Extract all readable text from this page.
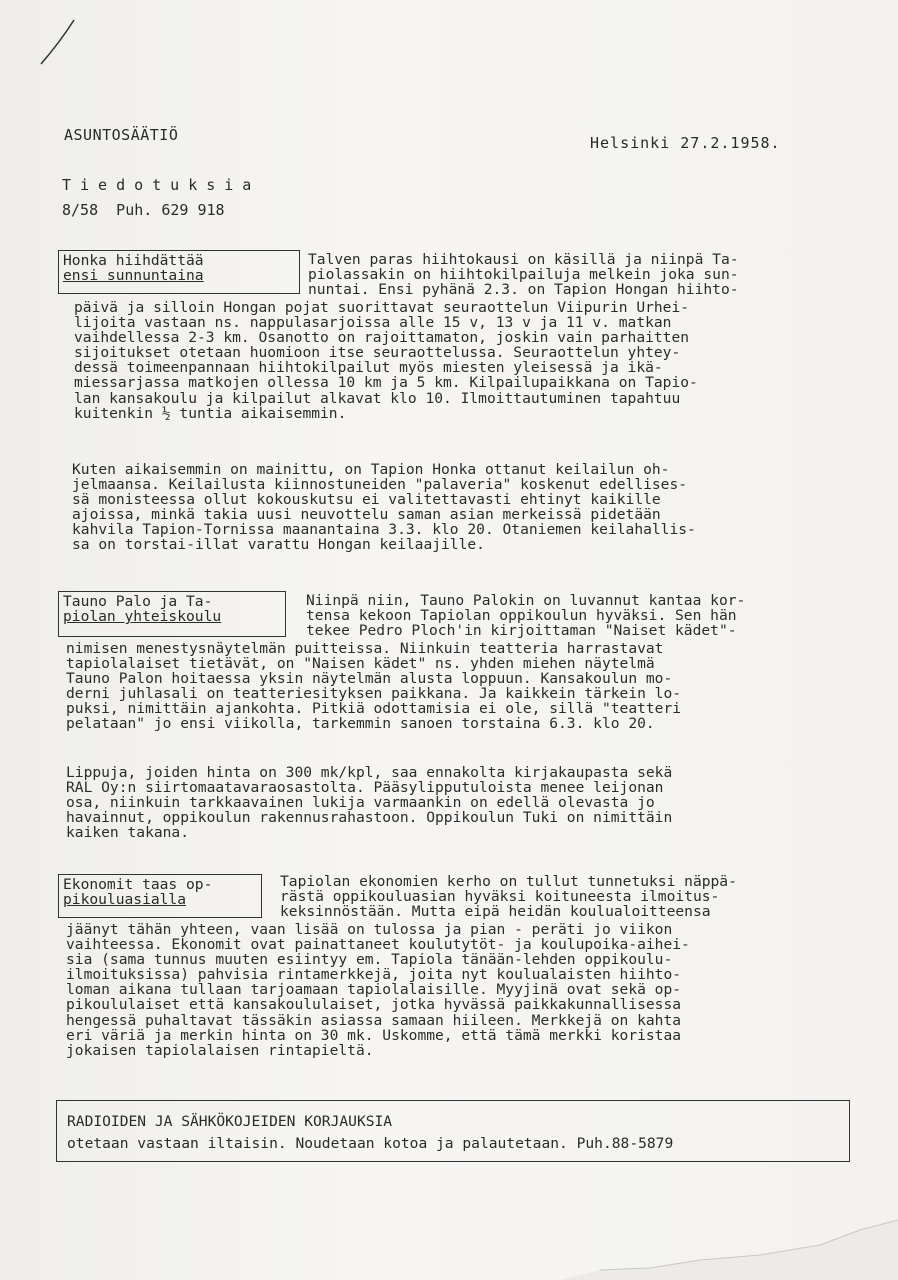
ASUNTOSÄÄTIÖ	Helsinki 27.2.1958.
Tiedotuksia
8/58  Puh. 629 918
Honka hiihdättää
ensi sunnuntaina
Talven paras hiihtokausi on käsillä ja niinpä Ta-
piolassakin on hiihtokilpailuja melkein joka sun-
nuntai. Ensi pyhänä 2.3. on Tapion Hongan hiihto-
päivä ja silloin Hongan pojat suorittavat seuraottelun Viipurin Urhei-
lijoita vastaan ns. nappulasarjoissa alle 15 v, 13 v ja 11 v. matkan
vaihdellessa 2-3 km. Osanotto on rajoittamaton, joskin vain parhaitten
sijoitukset otetaan huomioon itse seuraottelussa. Seuraottelun yhtey-
dessä toimeenpannaan hiihtokilpailut myös miesten yleisessä ja ikä-
miessarjassa matkojen ollessa 10 km ja 5 km. Kilpailupaikkana on Tapio-
lan kansakoulu ja kilpailut alkavat klo 10. Ilmoittautuminen tapahtuu
kuitenkin ½ tuntia aikaisemmin.
Kuten aikaisemmin on mainittu, on Tapion Honka ottanut keilailun oh-
jelmaansa. Keilailusta kiinnostuneiden "palaveria" koskenut edellises-
sä monisteessa ollut kokouskutsu ei valitettavasti ehtinyt kaikille
ajoissa, minkä takia uusi neuvottelu saman asian merkeissä pidetään
kahvila Tapion-Tornissa maanantaina 3.3. klo 20. Otaniemen keilahallis-
sa on torstai-illat varattu Hongan keilaajille.
Tauno Palo ja Ta-
piolan yhteiskoulu
Niinpä niin, Tauno Palokin on luvannut kantaa kor-
tensa kekoon Tapiolan oppikoulun hyväksi. Sen hän
tekee Pedro Ploch'in kirjoittaman "Naiset kädet"-
nimisen menestysnäytelmän puitteissa. Niinkuin teatteria harrastavat
tapiolalaiset tietävät, on "Naisen kädet" ns. yhden miehen näytelmä
Tauno Palon hoitaessa yksin näytelmän alusta loppuun. Kansakoulun mo-
derni juhlasali on teatteriesityksen paikkana. Ja kaikkein tärkein lo-
puksi, nimittäin ajankohta. Pitkiä odottamisia ei ole, sillä "teatteri
pelataan" jo ensi viikolla, tarkemmin sanoen torstaina 6.3. klo 20.
Lippuja, joiden hinta on 300 mk/kpl, saa ennakolta kirjakaupasta sekä
RAL Oy:n siirtomaatavaraosastolta. Pääsylipputuloista menee leijonan
osa, niinkuin tarkkaavainen lukija varmaankin on edellä olevasta jo
havainnut, oppikoulun rakennusrahastoon. Oppikoulun Tuki on nimittäin
kaiken takana.
Ekonomit taas op-
pikouluasialla
Tapiolan ekonomien kerho on tullut tunnetuksi näppä-
rästä oppikouluasian hyväksi koituneesta ilmoitus-
keksinnöstään. Mutta eipä heidän koulualoitteensa
jäänyt tähän yhteen, vaan lisää on tulossa ja pian - peräti jo viikon
vaihteessa. Ekonomit ovat painattaneet koulutytöt- ja koulupoika-aihei-
sia (sama tunnus muuten esiintyy em. Tapiola tänään-lehden oppikoulu-
ilmoituksissa) pahvisia rintamerkkejä, joita nyt koulualaisten hiihto-
loman aikana tullaan tarjoamaan tapiolalaisille. Myyjinä ovat sekä op-
pikoululaiset että kansakoululaiset, jotka hyvässä paikkakunnallisessa
hengessä puhaltavat tässäkin asiassa samaan hiileen. Merkkejä on kahta
eri väriä ja merkin hinta on 30 mk. Uskomme, että tämä merkki koristaa
jokaisen tapiolalaisen rintapieltä.
RADIOIDEN JA SÄHKÖKOJEIDEN KORJAUKSIA
otetaan vastaan iltaisin. Noudetaan kotoa ja palautetaan. Puh.88-5879
